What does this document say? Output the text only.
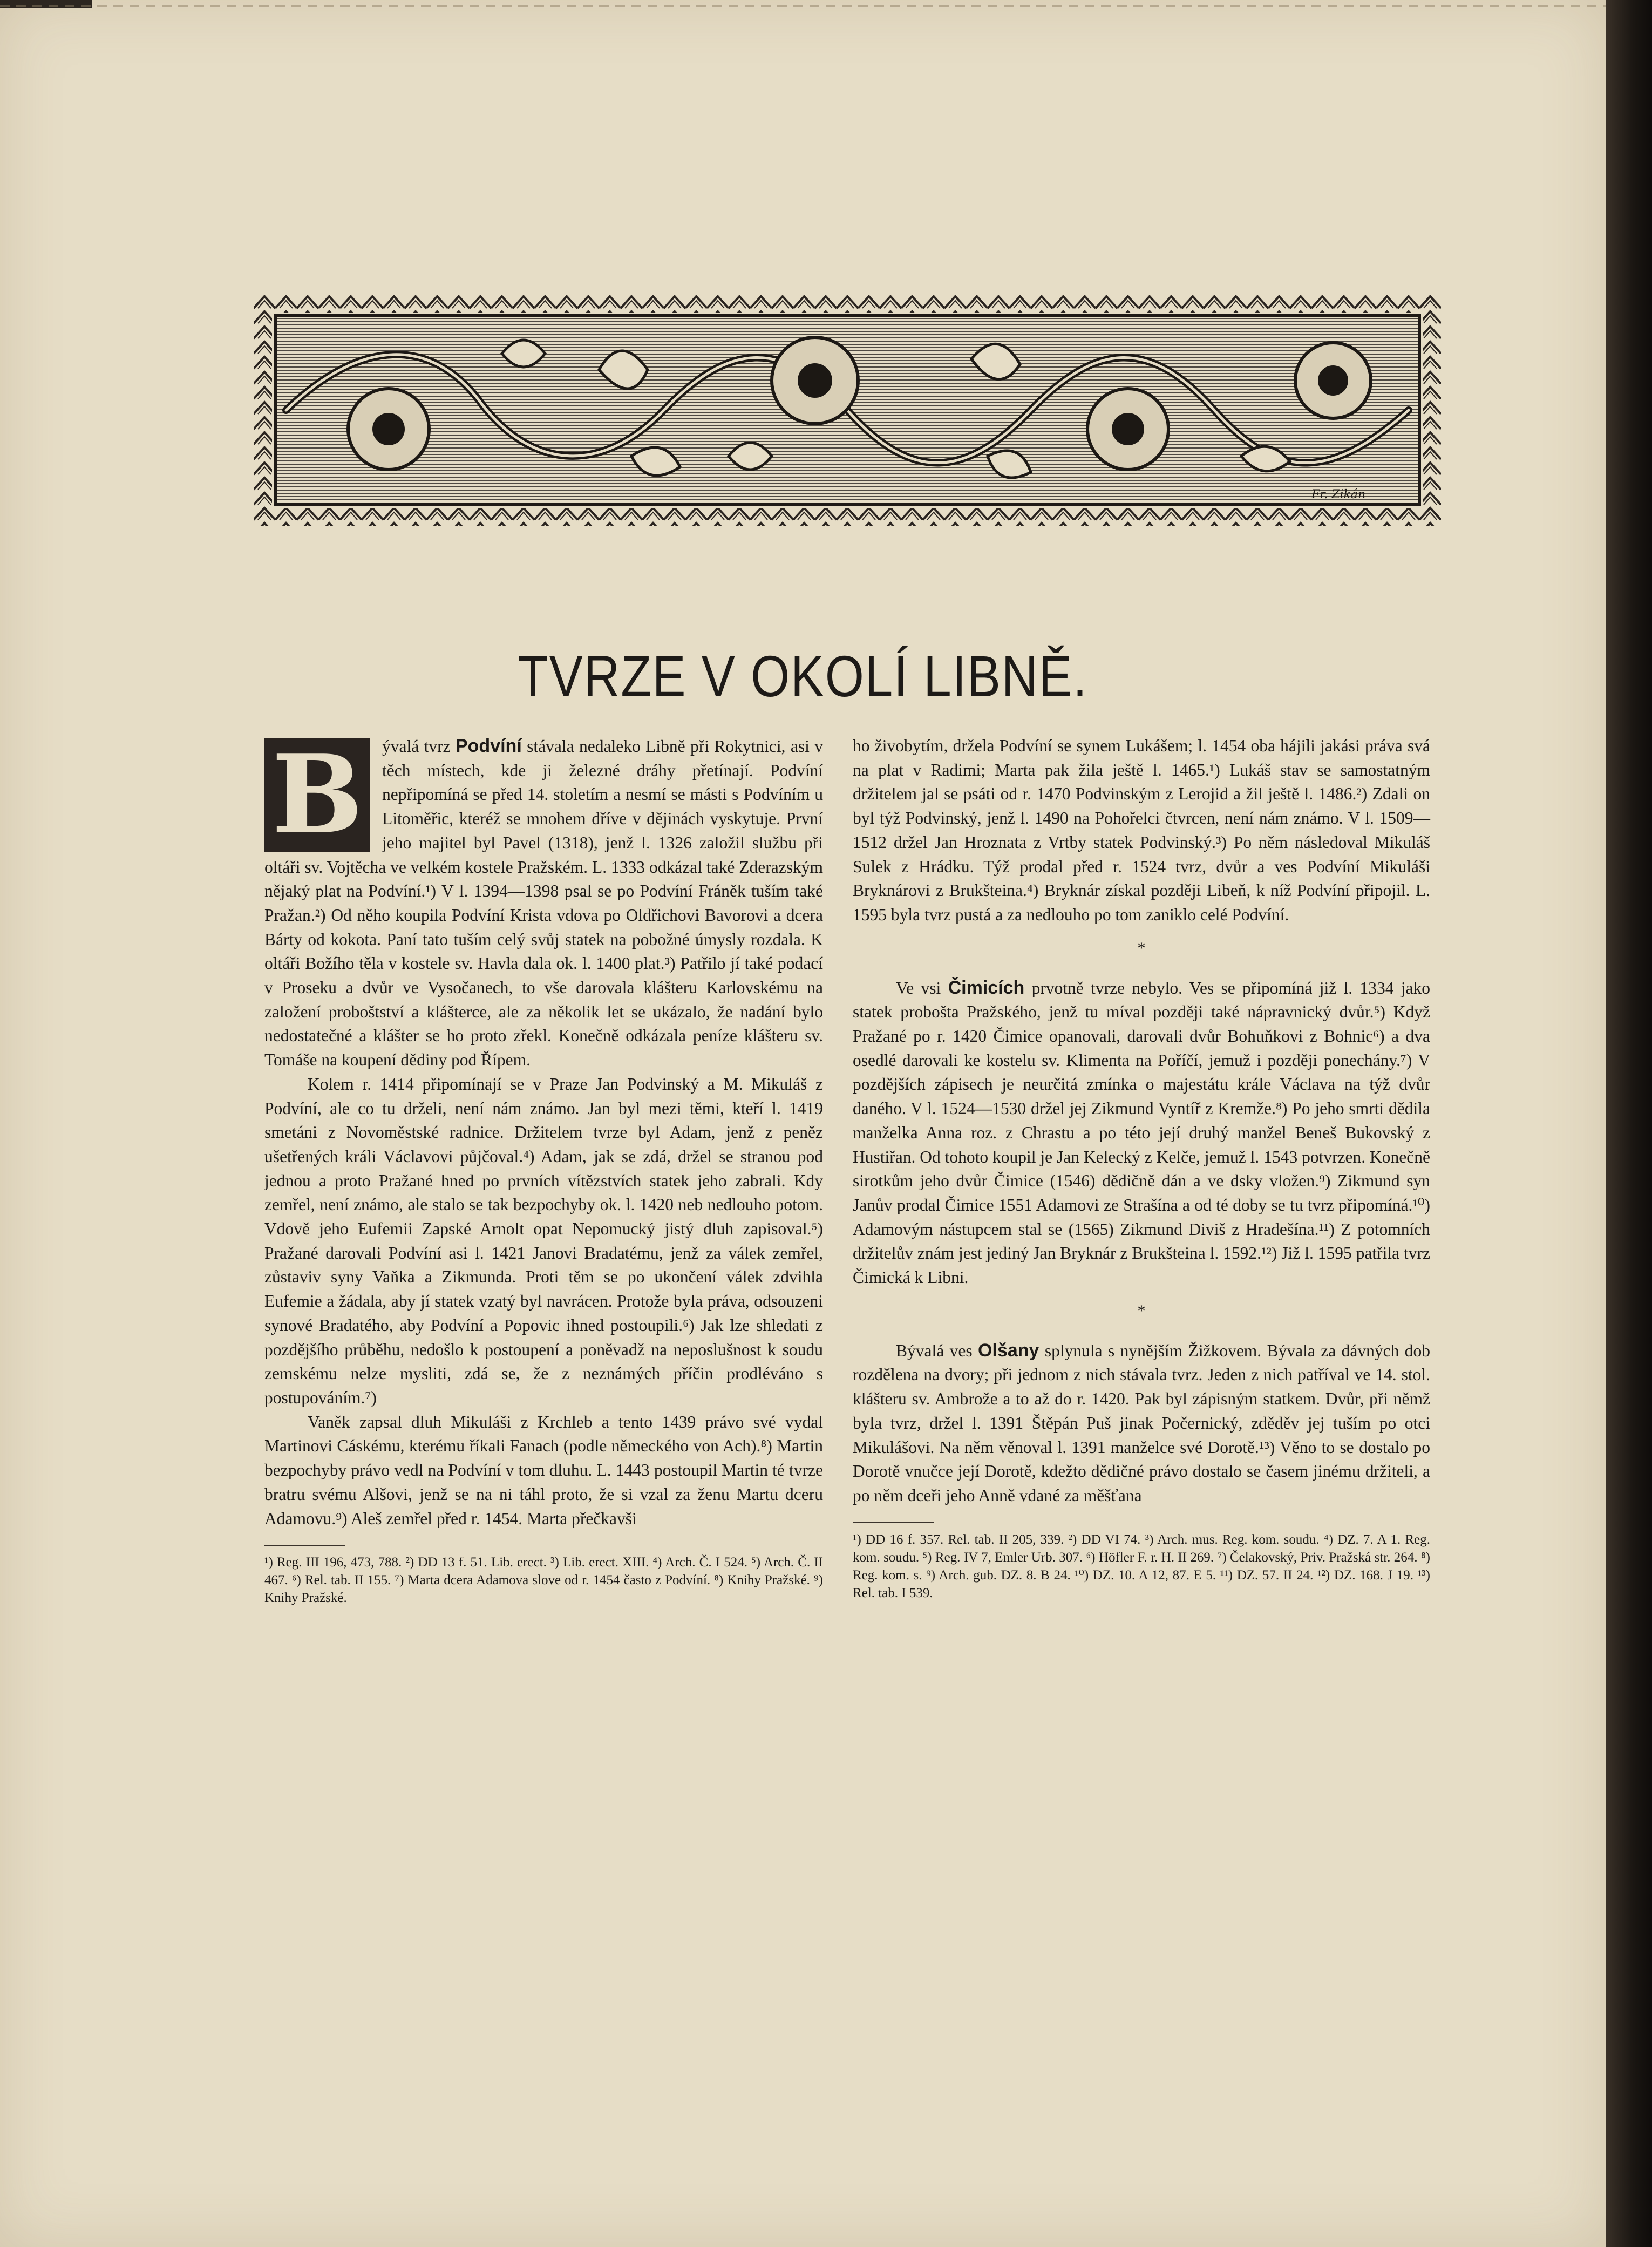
Fr. Zikán
TVRZE V OKOLÍ LIBNĚ.
B	ývalá tvrz Podvíní stávala nedaleko Libně při Rokytnici, asi v těch místech, kde ji železné dráhy přetínají. Podvíní nepřipomíná se před 14. stoletím a nesmí se másti s Podvíním u Litoměřic, kteréž se mnohem dříve v dějinách vyskytuje. První jeho majitel byl Pavel (1318), jenž l. 1326 založil službu při oltáři sv. Vojtěcha ve velkém kostele Pražském. L. 1333 odkázal také Zderazským nějaký plat na Podvíní.¹) V l. 1394—1398 psal se po Podvíní Fráněk tuším také Pražan.²) Od něho koupila Podvíní Krista vdova po Oldřichovi Bavorovi a dcera Bárty od kokota. Paní tato tuším celý svůj statek na pobožné úmysly rozdala. K oltáři Božího těla v kostele sv. Havla dala ok. l. 1400 plat.³) Patřilo jí také podací v Proseku a dvůr ve Vysočanech, to vše darovala klášteru Karlovskému na založení proboštství a klášterce, ale za několik let se ukázalo, že nadání bylo nedostatečné a klášter se ho proto zřekl. Konečně odkázala peníze klášteru sv. Tomáše na koupení dědiny pod Řípem.

Kolem r. 1414 připomínají se v Praze Jan Podvinský a M. Mikuláš z Podvíní, ale co tu drželi, není nám známo. Jan byl mezi těmi, kteří l. 1419 smetáni z Novoměstské radnice. Držitelem tvrze byl Adam, jenž z peněz ušetřených králi Václavovi půjčoval.⁴) Adam, jak se zdá, držel se stranou pod jednou a proto Pražané hned po prvních vítězstvích statek jeho zabrali. Kdy zemřel, není známo, ale stalo se tak bezpochyby ok. l. 1420 neb nedlouho potom. Vdově jeho Eufemii Zapské Arnolt opat Nepomucký jistý dluh zapisoval.⁵) Pražané darovali Podvíní asi l. 1421 Janovi Bradatému, jenž za válek zemřel, zůstaviv syny Vaňka a Zikmunda. Proti těm se po ukončení válek zdvihla Eufemie a žádala, aby jí statek vzatý byl navrácen. Protože byla práva, odsouzeni synové Bradatého, aby Podvíní a Popovic ihned postoupili.⁶) Jak lze shledati z pozdějšího průběhu, nedošlo k postoupení a poněvadž na neposlušnost k soudu zemskému nelze mysliti, zdá se, že z neznámých příčin prodléváno s postupováním.⁷)

Vaněk zapsal dluh Mikuláši z Krchleb a tento 1439 právo své vydal Martinovi Cáskému, kterému říkali Fanach (podle německého von Ach).⁸) Martin bezpochyby právo vedl na Podvíní v tom dluhu. L. 1443 postoupil Martin té tvrze bratru svému Alšovi, jenž se na ni táhl proto, že si vzal za ženu Martu dceru Adamovu.⁹) Aleš zemřel před r. 1454. Marta přečkavši

¹) Reg. III 196, 473, 788. ²) DD 13 f. 51. Lib. erect. ³) Lib. erect. XIII. ⁴) Arch. Č. I 524. ⁵) Arch. Č. II 467. ⁶) Rel. tab. II 155. ⁷) Marta dcera Adamova slove od r. 1454 často z Podvíní. ⁸) Knihy Pražské. ⁹) Knihy Pražské.

ho živobytím, držela Podvíní se synem Lukášem; l. 1454 oba hájili jakási práva svá na plat v Radimi; Marta pak žila ještě l. 1465.¹) Lukáš stav se samostatným držitelem jal se psáti od r. 1470 Podvinským z Lerojid a žil ještě l. 1486.²) Zdali on byl týž Podvinský, jenž l. 1490 na Pohořelci čtvrcen, není nám známo. V l. 1509—1512 držel Jan Hroznata z Vrtby statek Podvinský.³) Po něm následoval Mikuláš Sulek z Hrádku. Týž prodal před r. 1524 tvrz, dvůr a ves Podvíní Mikuláši Bryknárovi z Brukšteina.⁴) Bryknár získal později Libeň, k níž Podvíní připojil. L. 1595 byla tvrz pustá a za nedlouho po tom zaniklo celé Podvíní.

*

Ve vsi Čimicích prvotně tvrze nebylo. Ves se připomíná již l. 1334 jako statek probošta Pražského, jenž tu míval později také nápravnický dvůr.⁵) Když Pražané po r. 1420 Čimice opanovali, darovali dvůr Bohuňkovi z Bohnic⁶) a dva osedlé darovali ke kostelu sv. Klimenta na Poříčí, jemuž i později ponechány.⁷) V pozdějších zápisech je neurčitá zmínka o majestátu krále Václava na týž dvůr daného. V l. 1524—1530 držel jej Zikmund Vyntíř z Kremže.⁸) Po jeho smrti dědila manželka Anna roz. z Chrastu a po této její druhý manžel Beneš Bukovský z Hustiřan. Od tohoto koupil je Jan Kelecký z Kelče, jemuž l. 1543 potvrzen. Konečně sirotkům jeho dvůr Čimice (1546) dědičně dán a ve dsky vložen.⁹) Zikmund syn Janův prodal Čimice 1551 Adamovi ze Strašína a od té doby se tu tvrz připomíná.¹⁰) Adamovým nástupcem stal se (1565) Zikmund Diviš z Hradešína.¹¹) Z potomních držitelův znám jest jediný Jan Bryknár z Brukšteina l. 1592.¹²) Již l. 1595 patřila tvrz Čimická k Libni.

*

Bývalá ves Olšany splynula s nynějším Žižkovem. Bývala za dávných dob rozdělena na dvory; při jednom z nich stávala tvrz. Jeden z nich patříval ve 14. stol. klášteru sv. Ambrože a to až do r. 1420. Pak byl zápisným statkem. Dvůr, při němž byla tvrz, držel l. 1391 Štěpán Puš jinak Počernický, zděděv jej tuším po otci Mikulášovi. Na něm věnoval l. 1391 manželce své Dorotě.¹³) Věno to se dostalo po Dorotě vnučce její Dorotě, kdežto dědičné právo dostalo se časem jinému držiteli, a po něm dceři jeho Anně vdané za měšťana

¹) DD 16 f. 357. Rel. tab. II 205, 339. ²) DD VI 74. ³) Arch. mus. Reg. kom. soudu. ⁴) DZ. 7. A 1. Reg. kom. soudu. ⁵) Reg. IV 7, Emler Urb. 307. ⁶) Höfler F. r. H. II 269. ⁷) Čelakovský, Priv. Pražská str. 264. ⁸) Reg. kom. s. ⁹) Arch. gub. DZ. 8. B 24. ¹⁰) DZ. 10. A 12, 87. E 5. ¹¹) DZ. 57. II 24. ¹²) DZ. 168. J 19. ¹³) Rel. tab. I 539.
